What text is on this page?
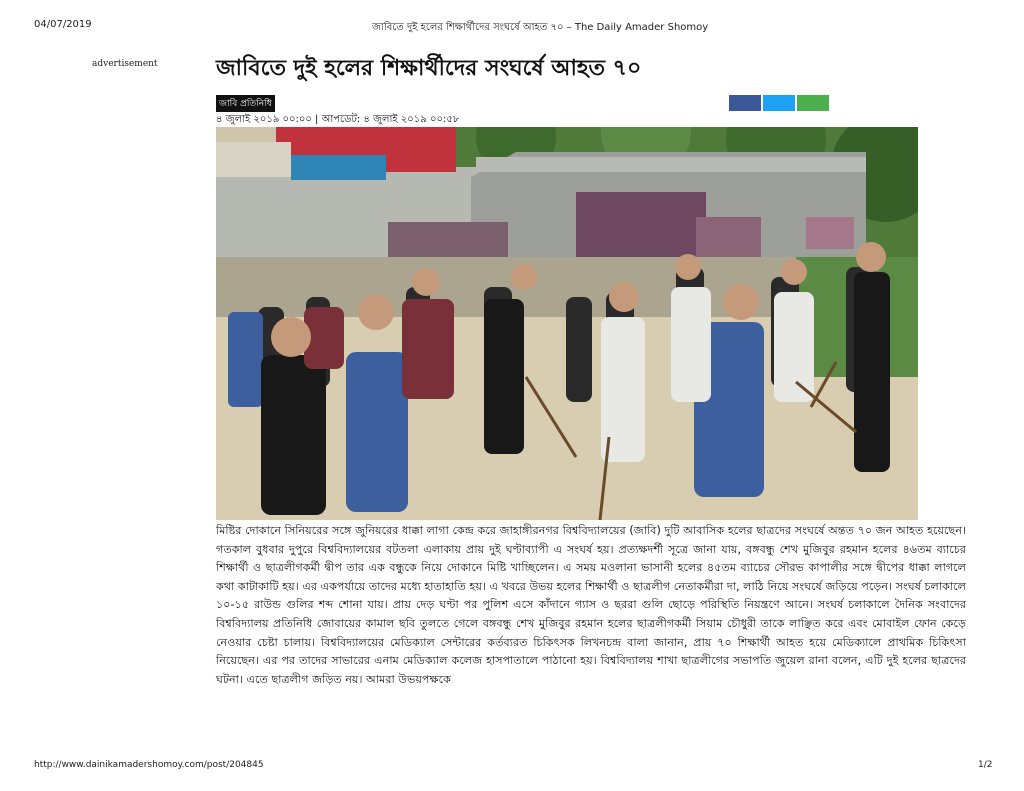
04/07/2019	জাবিতে দুই হলের শিক্ষার্থীদের সংঘর্ষে আহত ৭০ – The Daily Amader Shomoy
advertisement	জাবিতে দুই হলের শিক্ষার্থীদের সংঘর্ষে আহত ৭০
জাবি প্রতিনিধি
৪ জুলাই ২০১৯ ০০:০০ | আপডেট: ৪ জুলাই ২০১৯ ০০:৫৮

মিষ্টির দোকানে সিনিয়রের সঙ্গে জুনিয়রের ধাক্কা লাগা কেন্দ্র করে জাহাঙ্গীরনগর বিশ্ববিদ্যালয়ের (জাবি) দুটি আবাসিক হলের ছাত্রদের সংঘর্ষে অন্তত ৭০ জন আহত হয়েছেন। গতকাল বুধবার দুপুরে বিশ্ববিদ্যালয়ের বটতলা এলাকায় প্রায় দুই ঘণ্টাব্যাপী এ সংঘর্ষ হয়। প্রত্যক্ষদর্শী সূত্রে জানা যায়, বঙ্গবন্ধু শেখ মুজিবুর রহমান হলের ৪৬তম ব্যাচের শিক্ষার্থী ও ছাত্রলীগকর্মী দ্বীপ তার এক বন্ধুকে নিয়ে দোকানে মিষ্টি খাচ্ছিলেন। এ সময় মওলানা ভাসানী হলের ৪৫তম ব্যাচের সৌরভ কাপালীর সঙ্গে দ্বীপের ধাক্কা লাগলে কথা কাটাকাটি হয়। এর একপর্যায়ে তাদের মধ্যে হাতাহাতি হয়। এ খবরে উভয় হলের শিক্ষার্থী ও ছাত্রলীগ নেতাকর্মীরা দা, লাঠি নিয়ে সংঘর্ষে জড়িয়ে পড়েন। সংঘর্ষ চলাকালে ১০-১৫ রাউন্ড গুলির শব্দ শোনা যায়। প্রায় দেড় ঘণ্টা পর পুলিশ এসে কাঁদানে গ্যাস ও ছররা গুলি ছোড়ে পরিস্থিতি নিয়ন্ত্রণে আনে। সংঘর্ষ চলাকালে দৈনিক সংবাদের বিশ্ববিদ্যালয় প্রতিনিধি জোবায়ের কামাল ছবি তুলতে গেলে বঙ্গবন্ধু শেখ মুজিবুর রহমান হলের ছাত্রলীগকর্মী সিয়াম চৌধুরী তাকে লাঞ্ছিত করে এবং মোবাইল ফোন কেড়ে নেওয়ার চেষ্টা চালায়। বিশ্ববিদ্যালয়ের মেডিক্যাল সেন্টারের কর্তব্যরত চিকিৎসক লিখনচন্দ্র বালা জানান, প্রায় ৭০ শিক্ষার্থী আহত হয়ে মেডিক্যালে প্রাথমিক চিকিৎসা নিয়েছেন। এর পর তাদের সাভারের এনাম মেডিক্যাল কলেজ হাসপাতালে পাঠানো হয়। বিশ্ববিদ্যালয় শাখা ছাত্রলীগের সভাপতি জুয়েল রানা বলেন, এটি দুই হলের ছাত্রদের ঘটনা। এতে ছাত্রলীগ জড়িত নয়। আমরা উভয়পক্ষকে

http://www.dainikamadershomoy.com/post/204845	1/2
